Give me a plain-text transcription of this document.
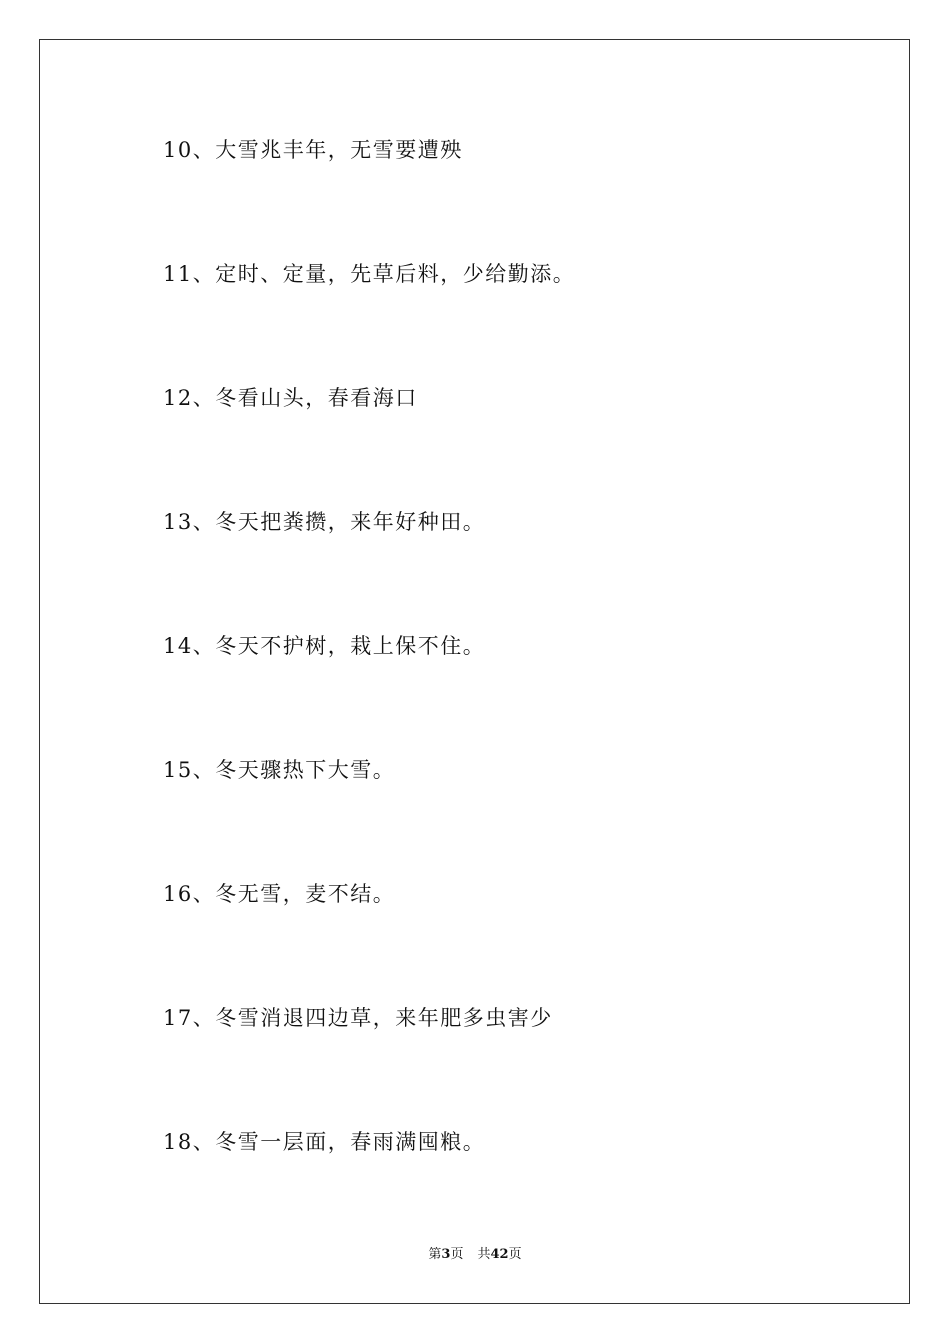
10、大雪兆丰年，无雪要遭殃
11、定时、定量，先草后料，少给勤添。
12、冬看山头，春看海口
13、冬天把粪攒，来年好种田。
14、冬天不护树，栽上保不住。
15、冬天骤热下大雪。
16、冬无雪，麦不结。
17、冬雪消退四边草，来年肥多虫害少
18、冬雪一层面，春雨满囤粮。
第3页 共42页
